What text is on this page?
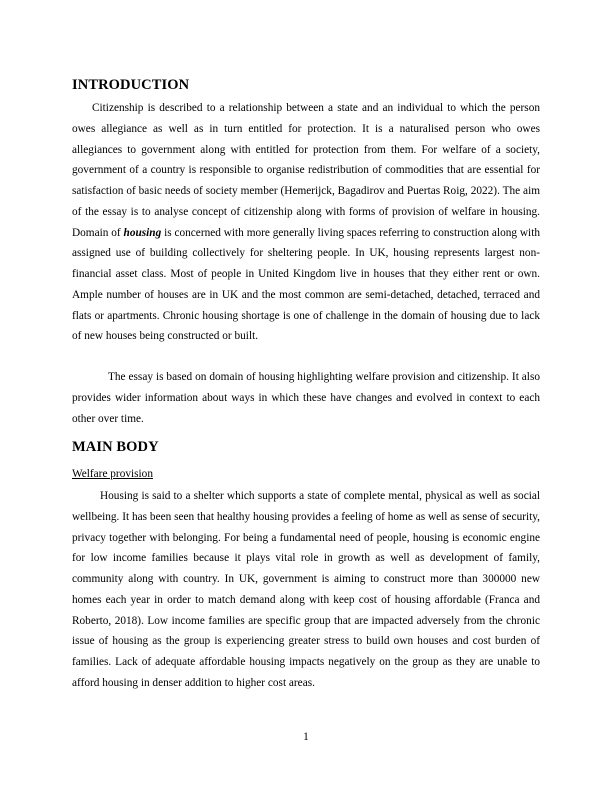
INTRODUCTION

Citizenship is described to a relationship between a state and an individual to which the person owes allegiance as well as in turn entitled for protection. It is a naturalised person who owes allegiances to government along with entitled for protection from them. For welfare of a society, government of a country is responsible to organise redistribution of commodities that are essential for satisfaction of basic needs of society member (Hemerijck, Bagadirov and Puertas Roig, 2022). The aim of the essay is to analyse concept of citizenship along with forms of provision of welfare in housing. Domain of housing is concerned with more generally living spaces referring to construction along with assigned use of building collectively for sheltering people. In UK, housing represents largest non-financial asset class. Most of people in United Kingdom live in houses that they either rent or own. Ample number of houses are in UK and the most common are semi-detached, detached, terraced and flats or apartments. Chronic housing shortage is one of challenge in the domain of housing due to lack of new houses being constructed or built.

The essay is based on domain of housing highlighting welfare provision and citizenship. It also provides wider information about ways in which these have changes and evolved in context to each other over time.

MAIN BODY

Welfare provision

Housing is said to a shelter which supports a state of complete mental, physical as well as social wellbeing. It has been seen that healthy housing provides a feeling of home as well as sense of security, privacy together with belonging. For being a fundamental need of people, housing is economic engine for low income families because it plays vital role in growth as well as development of family, community along with country. In UK, government is aiming to construct more than 300000 new homes each year in order to match demand along with keep cost of housing affordable (Franca and Roberto, 2018). Low income families are specific group that are impacted adversely from the chronic issue of housing as the group is experiencing greater stress to build own houses and cost burden of families. Lack of adequate affordable housing impacts negatively on the group as they are unable to afford housing in denser addition to higher cost areas.

1
